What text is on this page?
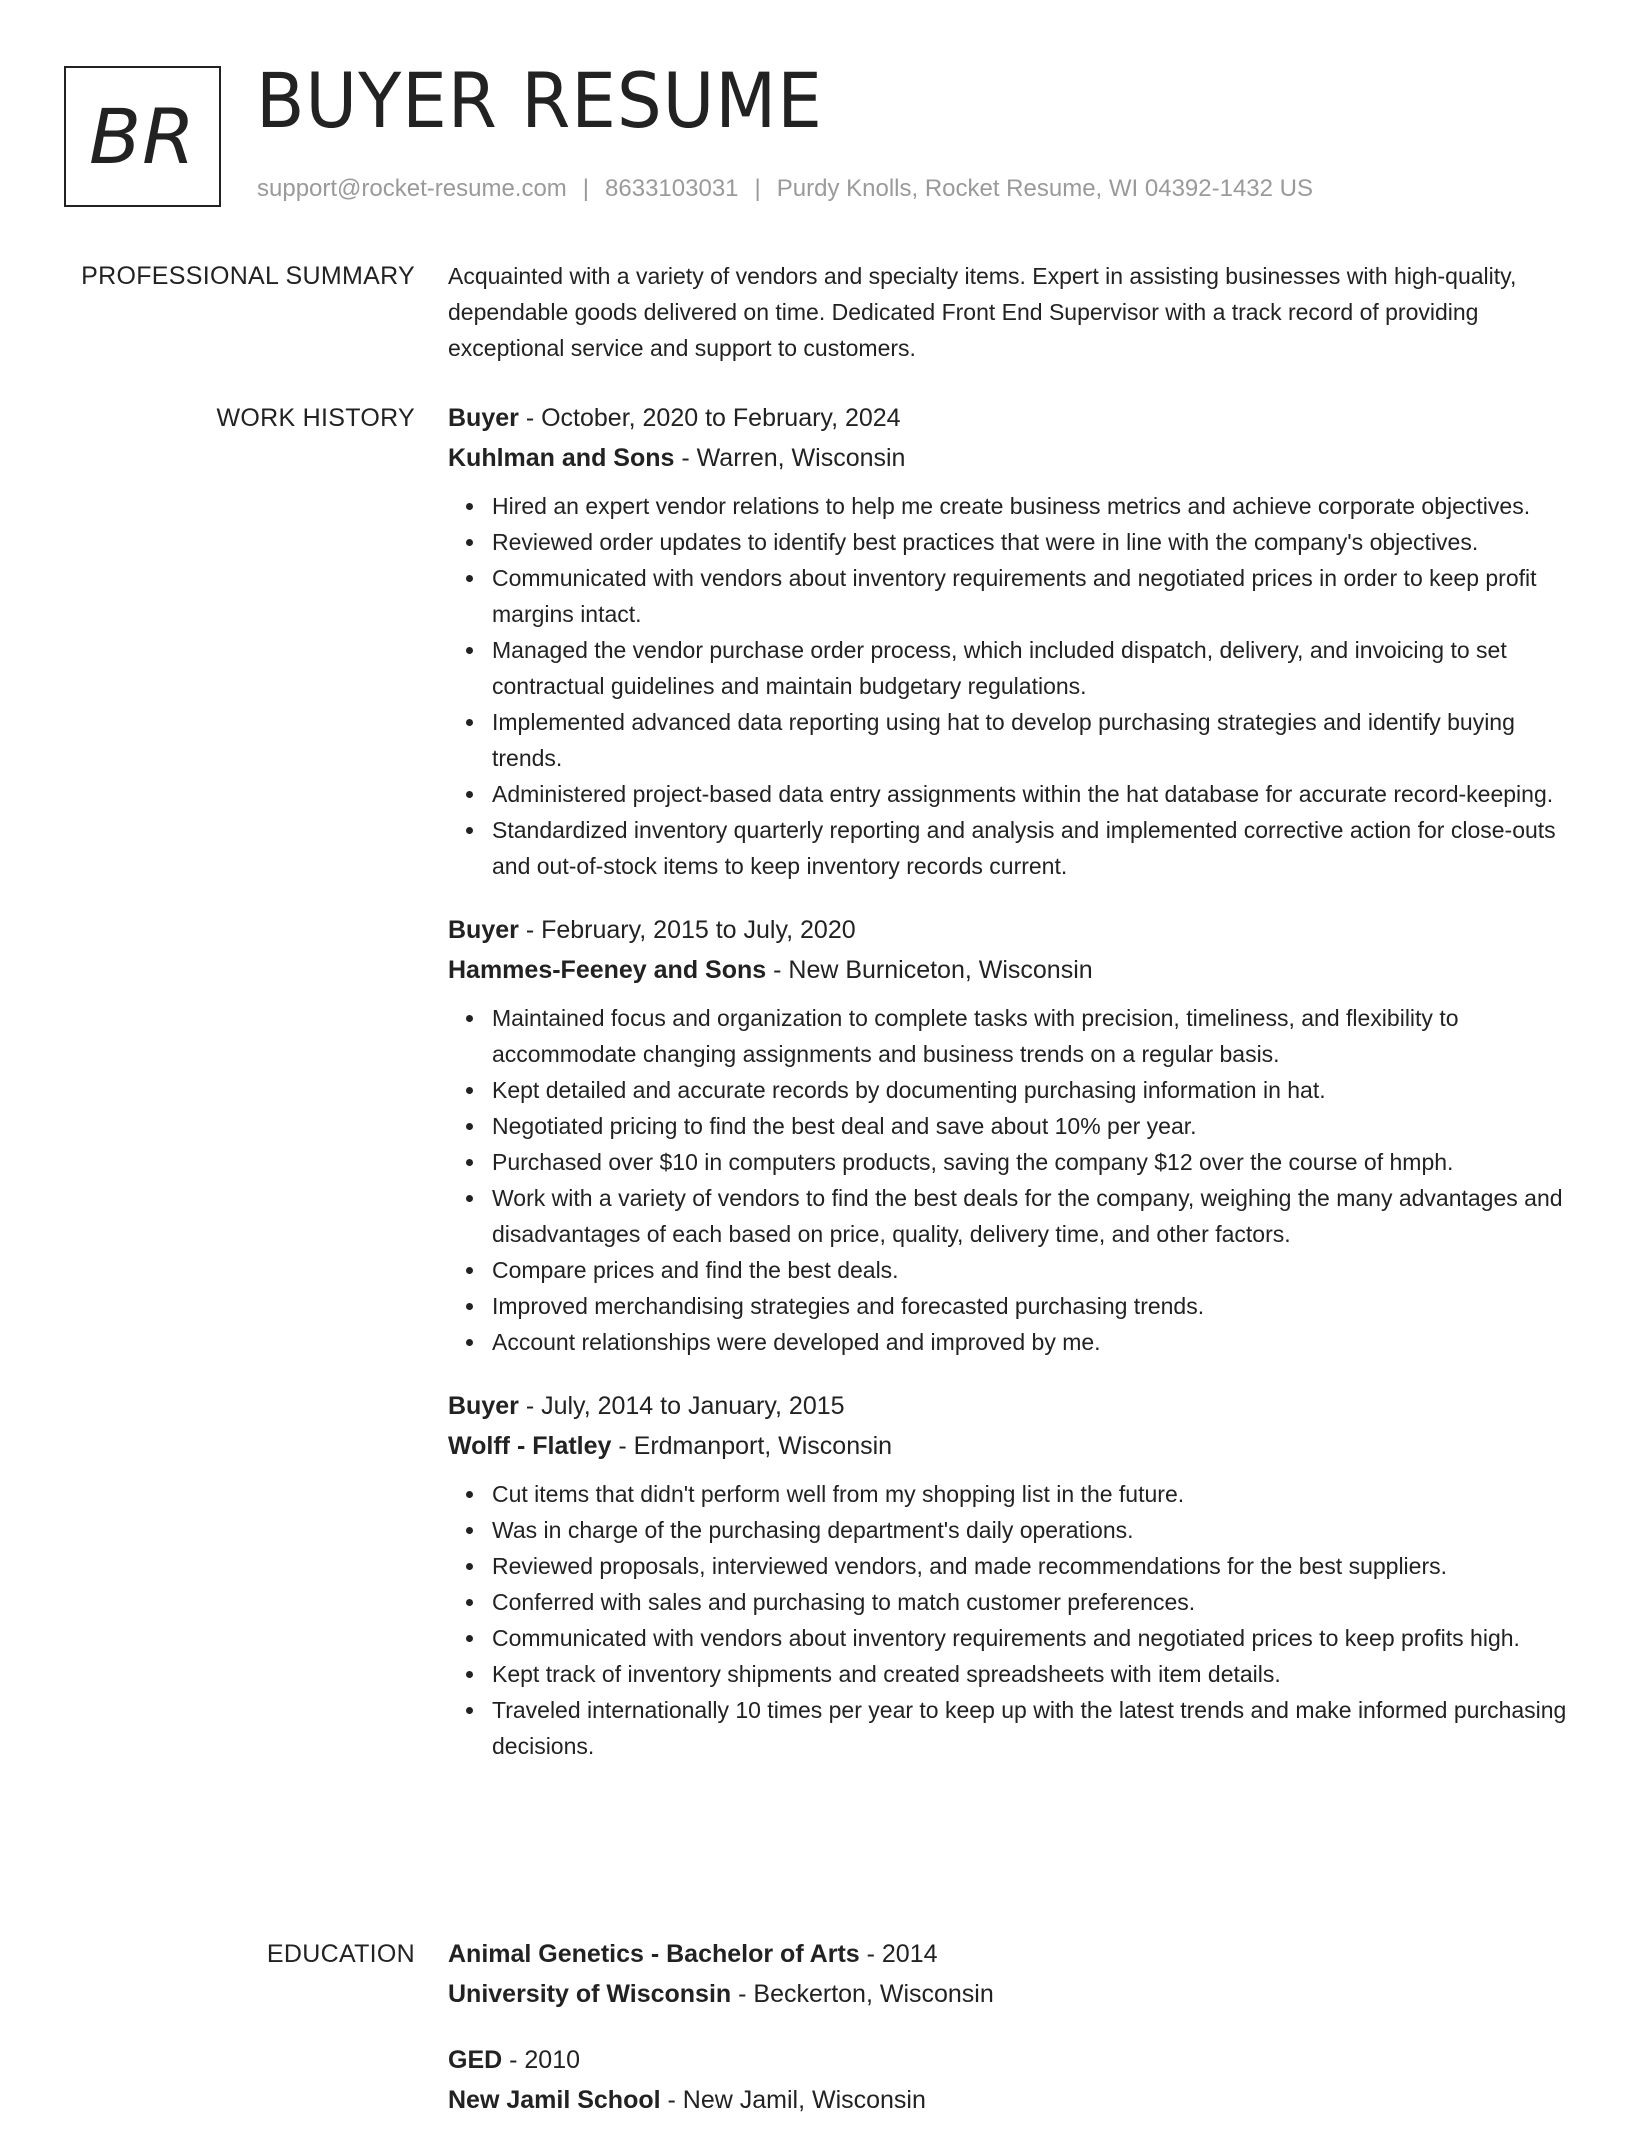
BR BUYER RESUME
support@rocket-resume.com | 8633103031 | Purdy Knolls, Rocket Resume, WI 04392-1432 US
PROFESSIONAL SUMMARY Acquainted with a variety of vendors and specialty items. Expert in assisting businesses with high-quality, dependable goods delivered on time. Dedicated Front End Supervisor with a track record of providing exceptional service and support to customers.

WORK HISTORY Buyer - October, 2020 to February, 2024
Kuhlman and Sons - Warren, Wisconsin
Hired an expert vendor relations to help me create business metrics and achieve corporate objectives.
Reviewed order updates to identify best practices that were in line with the company's objectives.
Communicated with vendors about inventory requirements and negotiated prices in order to keep profit margins intact.
Managed the vendor purchase order process, which included dispatch, delivery, and invoicing to set contractual guidelines and maintain budgetary regulations.
Implemented advanced data reporting using hat to develop purchasing strategies and identify buying trends.
Administered project-based data entry assignments within the hat database for accurate record-keeping.
Standardized inventory quarterly reporting and analysis and implemented corrective action for close-outs and out-of-stock items to keep inventory records current.
Buyer - February, 2015 to July, 2020
Hammes-Feeney and Sons - New Burniceton, Wisconsin
Maintained focus and organization to complete tasks with precision, timeliness, and flexibility to accommodate changing assignments and business trends on a regular basis.
Kept detailed and accurate records by documenting purchasing information in hat.
Negotiated pricing to find the best deal and save about 10% per year.
Purchased over $10 in computers products, saving the company $12 over the course of hmph.
Work with a variety of vendors to find the best deals for the company, weighing the many advantages and disadvantages of each based on price, quality, delivery time, and other factors.
Compare prices and find the best deals.
Improved merchandising strategies and forecasted purchasing trends.
Account relationships were developed and improved by me.
Buyer - July, 2014 to January, 2015
Wolff - Flatley - Erdmanport, Wisconsin
Cut items that didn't perform well from my shopping list in the future.
Was in charge of the purchasing department's daily operations.
Reviewed proposals, interviewed vendors, and made recommendations for the best suppliers.
Conferred with sales and purchasing to match customer preferences.
Communicated with vendors about inventory requirements and negotiated prices to keep profits high.
Kept track of inventory shipments and created spreadsheets with item details.
Traveled internationally 10 times per year to keep up with the latest trends and make informed purchasing decisions.
EDUCATION Animal Genetics - Bachelor of Arts - 2014
University of Wisconsin - Beckerton, Wisconsin
GED - 2010
New Jamil School - New Jamil, Wisconsin
